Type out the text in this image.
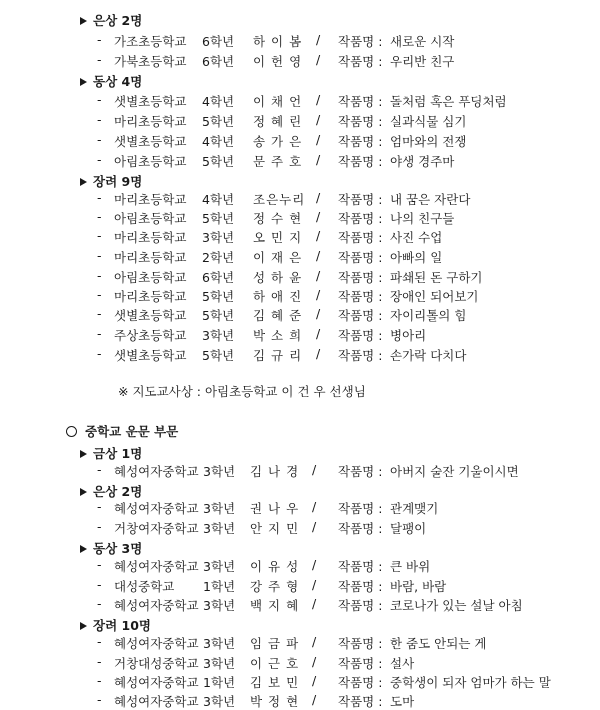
은상 2명
- 가조초등학교 6학년 하 이 봄 / 작품명 : 새로운 시작
- 가북초등학교 6학년 이 헌 영 / 작품명 : 우리반 친구
동상 4명
- 샛별초등학교 4학년 이 채 언 / 작품명 : 돌처럼 혹은 푸딩처럼
- 마리초등학교 5학년 정 혜 린 / 작품명 : 실과식물 심기
- 샛별초등학교 4학년 송 가 은 / 작품명 : 엄마와의 전쟁
- 아림초등학교 5학년 문 주 호 / 작품명 : 야생 경주마
장려 9명
- 마리초등학교 4학년 조은누리 / 작품명 : 내 꿈은 자란다
- 아림초등학교 5학년 정 수 현 / 작품명 : 나의 친구들
- 마리초등학교 3학년 오 민 지 / 작품명 : 사진 수업
- 마리초등학교 2학년 이 재 은 / 작품명 : 아빠의 일
- 아림초등학교 6학년 성 하 윤 / 작품명 : 파쇄된 돈 구하기
- 마리초등학교 5학년 하 애 진 / 작품명 : 장애인 되어보기
- 샛별초등학교 5학년 김 혜 준 / 작품명 : 자이리톨의 힘
- 주상초등학교 3학년 박 소 희 / 작품명 : 병아리
- 샛별초등학교 5학년 김 규 리 / 작품명 : 손가락 다치다
※ 지도교사상 : 아림초등학교 이 건 우 선생님
중학교 운문 부문
금상 1명
- 혜성여자중학교 3학년 김 나 경 / 작품명 : 아버지 술잔 기울이시면
은상 2명
- 혜성여자중학교 3학년 권 나 우 / 작품명 : 관계맺기
- 거창여자중학교 3학년 안 지 민 / 작품명 : 달팽이
동상 3명
- 혜성여자중학교 3학년 이 유 성 / 작품명 : 큰 바위
- 대성중학교 1학년 강 주 형 / 작품명 : 바람, 바람
- 혜성여자중학교 3학년 백 지 혜 / 작품명 : 코로나가 있는 설날 아침
장려 10명
- 혜성여자중학교 3학년 임 금 파 / 작품명 : 한 줌도 안되는 게
- 거창대성중학교 3학년 이 근 호 / 작품명 : 설사
- 혜성여자중학교 1학년 김 보 민 / 작품명 : 중학생이 되자 엄마가 하는 말
- 혜성여자중학교 3학년 박 정 현 / 작품명 : 도마
